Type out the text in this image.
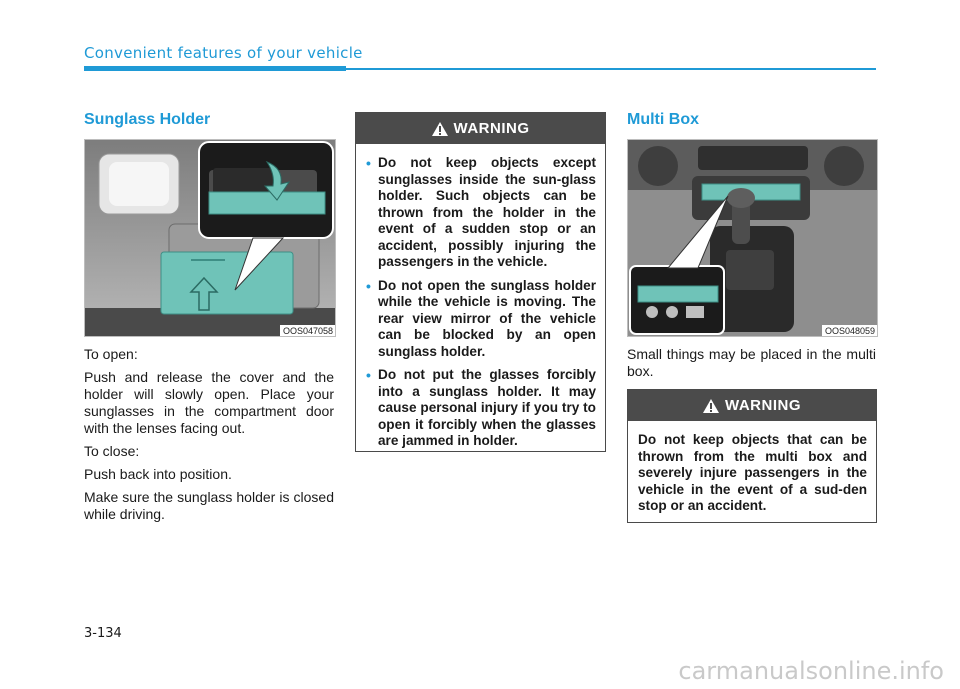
Convenient features of your vehicle
Sunglass Holder
OOS047058

To open:

Push and release the cover and the holder will slowly open. Place your sunglasses in the compartment door with the lenses facing out.

To close:

Push back into position.

Make sure the sunglass holder is closed while driving.

WARNING
• Do not keep objects except sunglasses inside the sun-glass holder. Such objects can be thrown from the holder in the event of a sudden stop or an accident, possibly injuring the passengers in the vehicle.
• Do not open the sunglass holder while the vehicle is moving. The rear view mirror of the vehicle can be blocked by an open sunglass holder.
• Do not put the glasses forcibly into a sunglass holder. It may cause personal injury if you try to open it forcibly when the glasses are jammed in holder.
Multi Box
OOS048059

Small things may be placed in the multi box.

WARNING
Do not keep objects that can be thrown from the multi box and severely injure passengers in the vehicle in the event of a sud-den stop or an accident.
3-134
carmanualsonline.info
